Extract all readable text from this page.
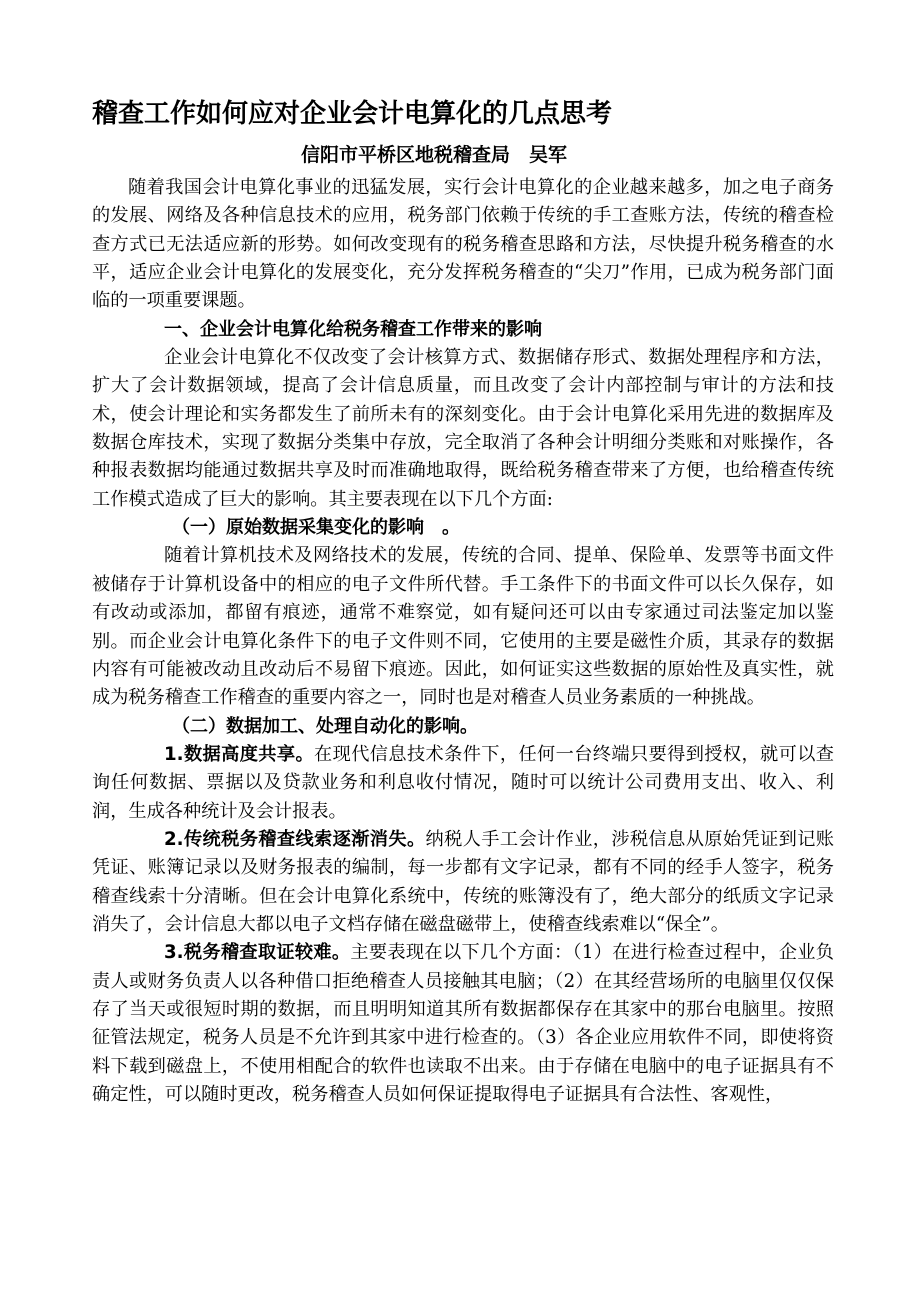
稽查工作如何应对企业会计电算化的几点思考

信阳市平桥区地税稽查局　吴军

随着我国会计电算化事业的迅猛发展，实行会计电算化的企业越来越多，加之电子商务的发展、网络及各种信息技术的应用，税务部门依赖于传统的手工查账方法，传统的稽查检查方式已无法适应新的形势。如何改变现有的税务稽查思路和方法，尽快提升税务稽查的水平，适应企业会计电算化的发展变化，充分发挥税务稽查的“尖刀”作用，已成为税务部门面临的一项重要课题。

一、企业会计电算化给税务稽查工作带来的影响

企业会计电算化不仅改变了会计核算方式、数据储存形式、数据处理程序和方法，扩大了会计数据领域，提高了会计信息质量，而且改变了会计内部控制与审计的方法和技术，使会计理论和实务都发生了前所未有的深刻变化。由于会计电算化采用先进的数据库及数据仓库技术，实现了数据分类集中存放，完全取消了各种会计明细分类账和对账操作，各种报表数据均能通过数据共享及时而准确地取得，既给税务稽查带来了方便，也给稽查传统工作模式造成了巨大的影响。其主要表现在以下几个方面:

（一）原始数据采集变化的影响　。

随着计算机技术及网络技术的发展，传统的合同、提单、保险单、发票等书面文件被储存于计算机设备中的相应的电子文件所代替。手工条件下的书面文件可以长久保存，如有改动或添加，都留有痕迹，通常不难察觉，如有疑问还可以由专家通过司法鉴定加以鉴别。而企业会计电算化条件下的电子文件则不同，它使用的主要是磁性介质，其录存的数据内容有可能被改动且改动后不易留下痕迹。因此，如何证实这些数据的原始性及真实性，就成为税务稽查工作稽查的重要内容之一，同时也是对稽查人员业务素质的一种挑战。

（二）数据加工、处理自动化的影响。

1.数据高度共享。在现代信息技术条件下，任何一台终端只要得到授权，就可以查询任何数据、票据以及贷款业务和利息收付情况，随时可以统计公司费用支出、收入、利润，生成各种统计及会计报表。

2.传统税务稽查线索逐渐消失。纳税人手工会计作业，涉税信息从原始凭证到记账凭证、账簿记录以及财务报表的编制，每一步都有文字记录，都有不同的经手人签字，税务稽查线索十分清晰。但在会计电算化系统中，传统的账簿没有了，绝大部分的纸质文字记录消失了，会计信息大都以电子文档存储在磁盘磁带上，使稽查线索难以“保全”。

3.税务稽查取证较难。主要表现在以下几个方面：（1）在进行检查过程中，企业负责人或财务负责人以各种借口拒绝稽查人员接触其电脑；（2）在其经营场所的电脑里仅仅保存了当天或很短时期的数据，而且明明知道其所有数据都保存在其家中的那台电脑里。按照征管法规定，税务人员是不允许到其家中进行检查的。（3）各企业应用软件不同，即使将资料下载到磁盘上，不使用相配合的软件也读取不出来。由于存储在电脑中的电子证据具有不确定性，可以随时更改，税务稽查人员如何保证提取得电子证据具有合法性、客观性，
